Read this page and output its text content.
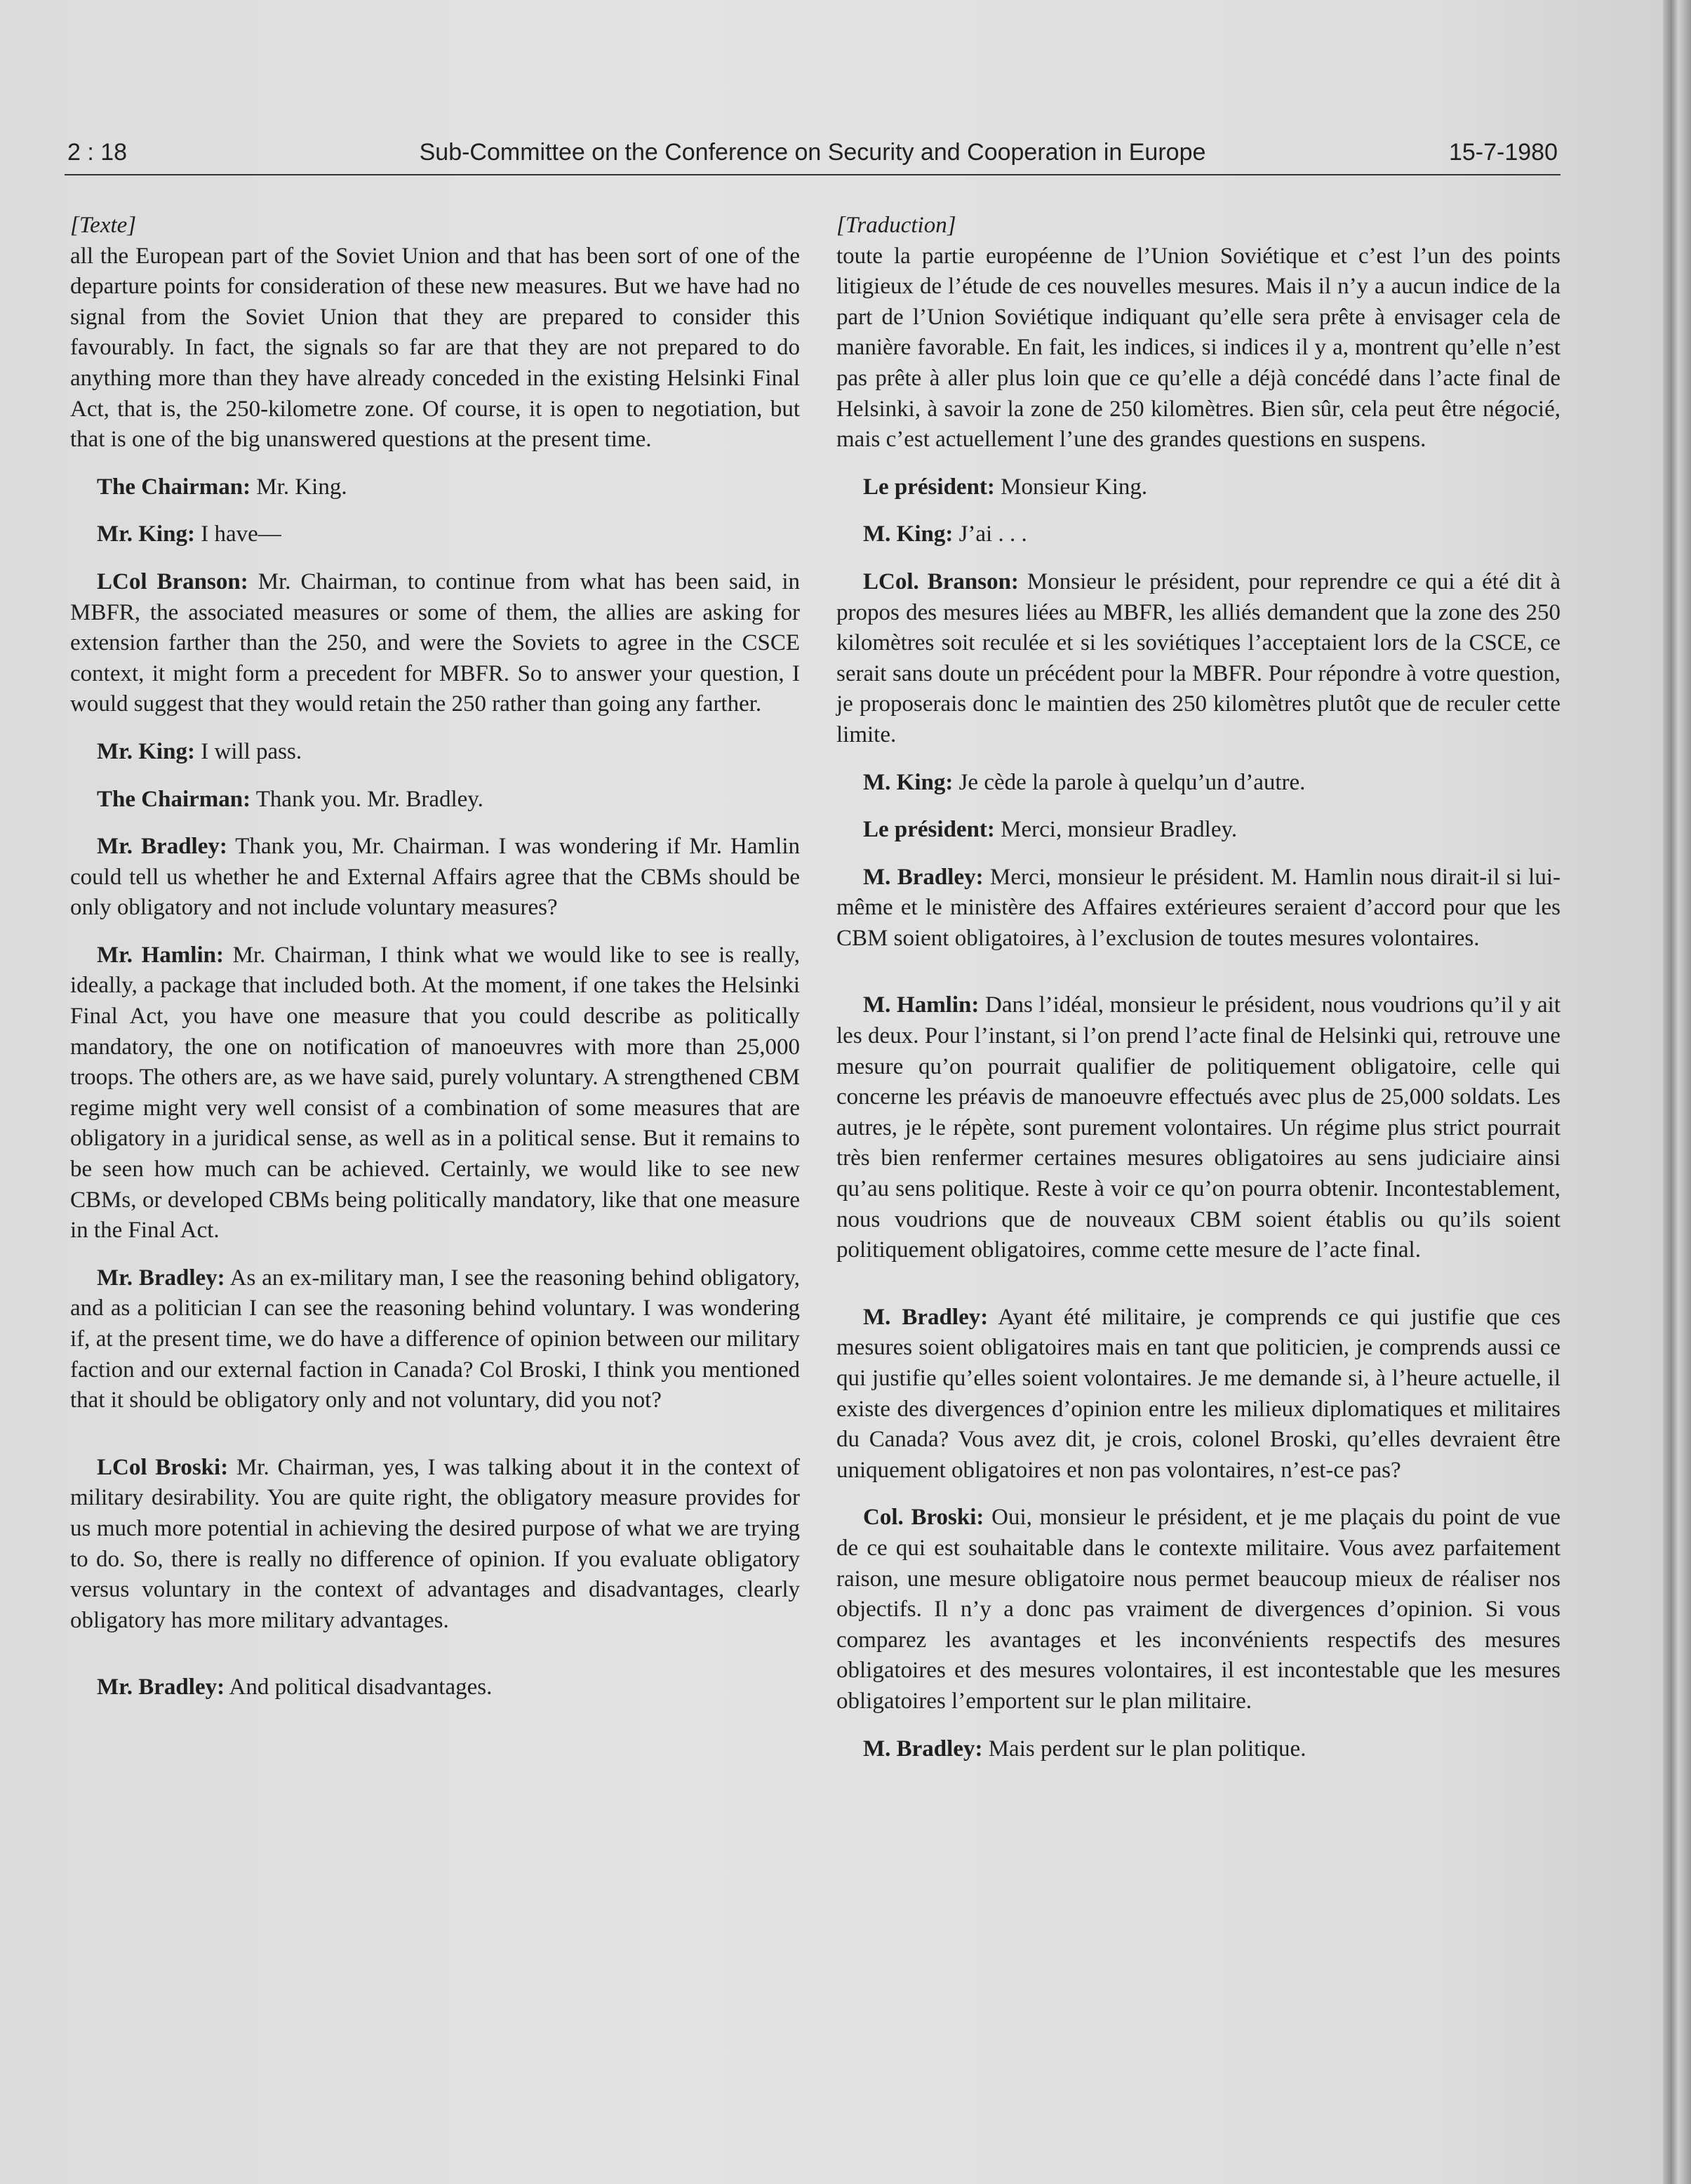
2 : 18	Sub-Committee on the Conference on Security and Cooperation in Europe	15-7-1980

[Texte]

all the European part of the Soviet Union and that has been sort of one of the departure points for consideration of these new measures. But we have had no signal from the Soviet Union that they are prepared to consider this favourably. In fact, the signals so far are that they are not prepared to do anything more than they have already conceded in the existing Helsinki Final Act, that is, the 250-kilometre zone. Of course, it is open to negotiation, but that is one of the big unanswered questions at the present time.

The Chairman: Mr. King.

Mr. King: I have—

LCol Branson: Mr. Chairman, to continue from what has been said, in MBFR, the associated measures or some of them, the allies are asking for extension farther than the 250, and were the Soviets to agree in the CSCE context, it might form a precedent for MBFR. So to answer your question, I would suggest that they would retain the 250 rather than going any farther.

Mr. King: I will pass.

The Chairman: Thank you. Mr. Bradley.

Mr. Bradley: Thank you, Mr. Chairman. I was wondering if Mr. Hamlin could tell us whether he and External Affairs agree that the CBMs should be only obligatory and not include voluntary measures?

Mr. Hamlin: Mr. Chairman, I think what we would like to see is really, ideally, a package that included both. At the moment, if one takes the Helsinki Final Act, you have one measure that you could describe as politically mandatory, the one on notification of manoeuvres with more than 25,000 troops. The others are, as we have said, purely voluntary. A strengthened CBM regime might very well consist of a combination of some measures that are obligatory in a juridical sense, as well as in a political sense. But it remains to be seen how much can be achieved. Certainly, we would like to see new CBMs, or developed CBMs being politically mandatory, like that one measure in the Final Act.

Mr. Bradley: As an ex-military man, I see the reasoning behind obligatory, and as a politician I can see the reasoning behind voluntary. I was wondering if, at the present time, we do have a difference of opinion between our military faction and our external faction in Canada? Col Broski, I think you mentioned that it should be obligatory only and not voluntary, did you not?

LCol Broski: Mr. Chairman, yes, I was talking about it in the context of military desirability. You are quite right, the obligatory measure provides for us much more potential in achieving the desired purpose of what we are trying to do. So, there is really no difference of opinion. If you evaluate obligatory versus voluntary in the context of advantages and disadvantages, clearly obligatory has more military advantages.

Mr. Bradley: And political disadvantages.

[Traduction]

toute la partie européenne de l’Union Soviétique et c’est l’un des points litigieux de l’étude de ces nouvelles mesures. Mais il n’y a aucun indice de la part de l’Union Soviétique indiquant qu’elle sera prête à envisager cela de manière favorable. En fait, les indices, si indices il y a, montrent qu’elle n’est pas prête à aller plus loin que ce qu’elle a déjà concédé dans l’acte final de Helsinki, à savoir la zone de 250 kilomètres. Bien sûr, cela peut être négocié, mais c’est actuellement l’une des grandes questions en suspens.

Le président: Monsieur King.

M. King: J’ai . . .

LCol. Branson: Monsieur le président, pour reprendre ce qui a été dit à propos des mesures liées au MBFR, les alliés demandent que la zone des 250 kilomètres soit reculée et si les soviétiques l’acceptaient lors de la CSCE, ce serait sans doute un précédent pour la MBFR. Pour répondre à votre question, je proposerais donc le maintien des 250 kilomètres plutôt que de reculer cette limite.

M. King: Je cède la parole à quelqu’un d’autre.

Le président: Merci, monsieur Bradley.

M. Bradley: Merci, monsieur le président. M. Hamlin nous dirait-il si lui-même et le ministère des Affaires extérieures seraient d’accord pour que les CBM soient obligatoires, à l’exclusion de toutes mesures volontaires.

M. Hamlin: Dans l’idéal, monsieur le président, nous voudrions qu’il y ait les deux. Pour l’instant, si l’on prend l’acte final de Helsinki qui, retrouve une mesure qu’on pourrait qualifier de politiquement obligatoire, celle qui concerne les préavis de manoeuvre effectués avec plus de 25,000 soldats. Les autres, je le répète, sont purement volontaires. Un régime plus strict pourrait très bien renfermer certaines mesures obligatoires au sens judiciaire ainsi qu’au sens politique. Reste à voir ce qu’on pourra obtenir. Incontestablement, nous voudrions que de nouveaux CBM soient établis ou qu’ils soient politiquement obligatoires, comme cette mesure de l’acte final.

M. Bradley: Ayant été militaire, je comprends ce qui justifie que ces mesures soient obligatoires mais en tant que politicien, je comprends aussi ce qui justifie qu’elles soient volontaires. Je me demande si, à l’heure actuelle, il existe des divergences d’opinion entre les milieux diplomatiques et militaires du Canada? Vous avez dit, je crois, colonel Broski, qu’elles devraient être uniquement obligatoires et non pas volontaires, n’est-ce pas?

Col. Broski: Oui, monsieur le président, et je me plaçais du point de vue de ce qui est souhaitable dans le contexte militaire. Vous avez parfaitement raison, une mesure obligatoire nous permet beaucoup mieux de réaliser nos objectifs. Il n’y a donc pas vraiment de divergences d’opinion. Si vous comparez les avantages et les inconvénients respectifs des mesures obligatoires et des mesures volontaires, il est incontestable que les mesures obligatoires l’emportent sur le plan militaire.

M. Bradley: Mais perdent sur le plan politique.
